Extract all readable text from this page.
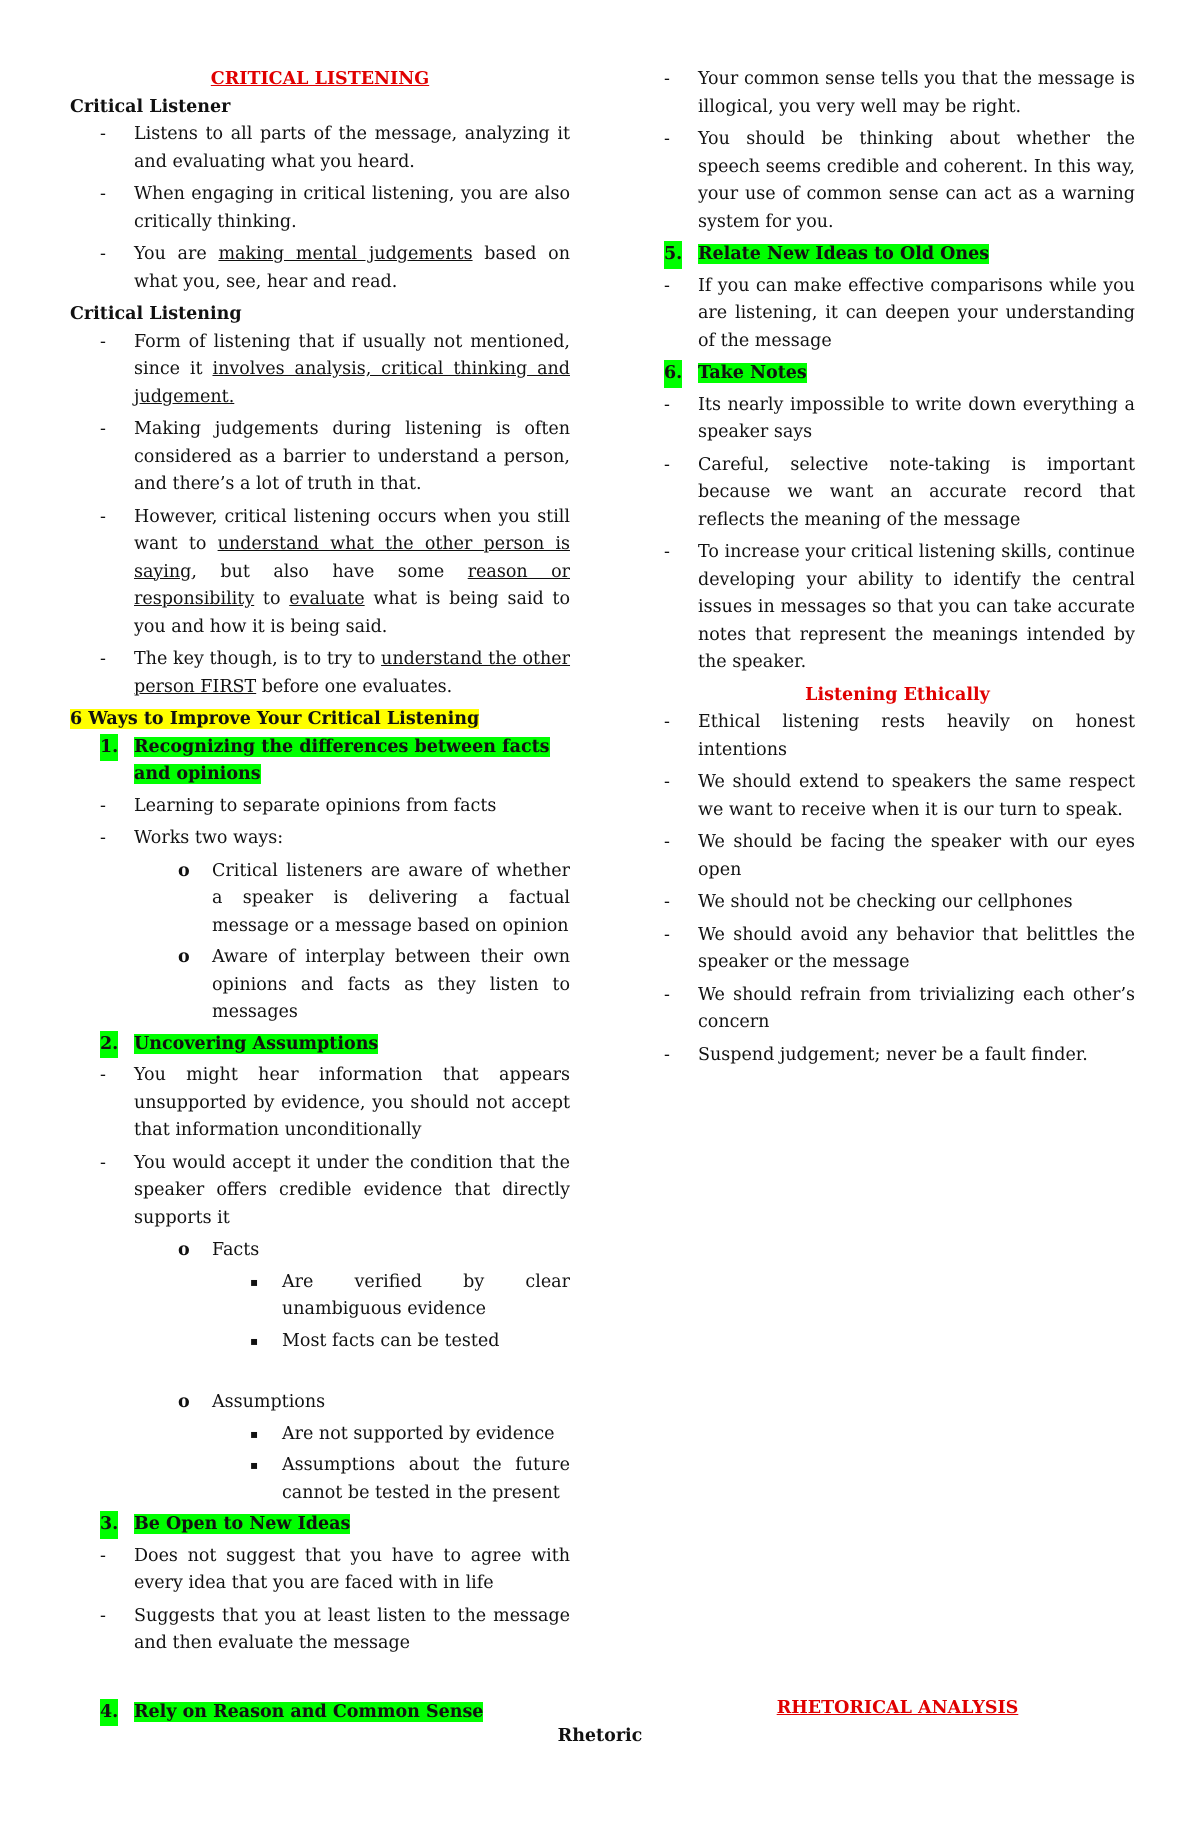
CRITICAL LISTENING

Critical Listener

- Listens to all parts of the message, analyzing it and evaluating what you heard.
- When engaging in critical listening, you are also critically thinking.
- You are making mental judgements based on what you, see, hear and read.

Critical Listening

- Form of listening that if usually not mentioned, since it involves analysis, critical thinking and judgement.
- Making judgements during listening is often considered as a barrier to understand a person, and there’s a lot of truth in that.
- However, critical listening occurs when you still want to understand what the other person is saying, but also have some reason or responsibility to evaluate what is being said to you and how it is being said.
- The key though, is to try to understand the other person FIRST before one evaluates.

6 Ways to Improve Your Critical Listening

1. Recognizing the differences between facts and opinions
- Learning to separate opinions from facts
- Works two ways:
o Critical listeners are aware of whether a speaker is delivering a factual message or a message based on opinion
o Aware of interplay between their own opinions and facts as they listen to messages
2. Uncovering Assumptions
- You might hear information that appears unsupported by evidence, you should not accept that information unconditionally
- You would accept it under the condition that the speaker offers credible evidence that directly supports it
o Facts
▪ Are verified by clear unambiguous evidence
▪ Most facts can be tested
o Assumptions
▪ Are not supported by evidence
▪ Assumptions about the future cannot be tested in the present
3. Be Open to New Ideas
- Does not suggest that you have to agree with every idea that you are faced with in life
- Suggests that you at least listen to the message and then evaluate the message
4. Rely on Reason and Common Sense
- Your common sense tells you that the message is illogical, you very well may be right.
- You should be thinking about whether the speech seems credible and coherent. In this way, your use of common sense can act as a warning system for you.
5. Relate New Ideas to Old Ones
- If you can make effective comparisons while you are listening, it can deepen your understanding of the message
6. Take Notes
- Its nearly impossible to write down everything a speaker says
- Careful, selective note-taking is important because we want an accurate record that reflects the meaning of the message
- To increase your critical listening skills, continue developing your ability to identify the central issues in messages so that you can take accurate notes that represent the meanings intended by the speaker.

Listening Ethically

- Ethical listening rests heavily on honest intentions
- We should extend to speakers the same respect we want to receive when it is our turn to speak.
- We should be facing the speaker with our eyes open
- We should not be checking our cellphones
- We should avoid any behavior that belittles the speaker or the message
- We should refrain from trivializing each other’s concern
- Suspend judgement; never be a fault finder.

RHETORICAL ANALYSIS

Rhetoric
